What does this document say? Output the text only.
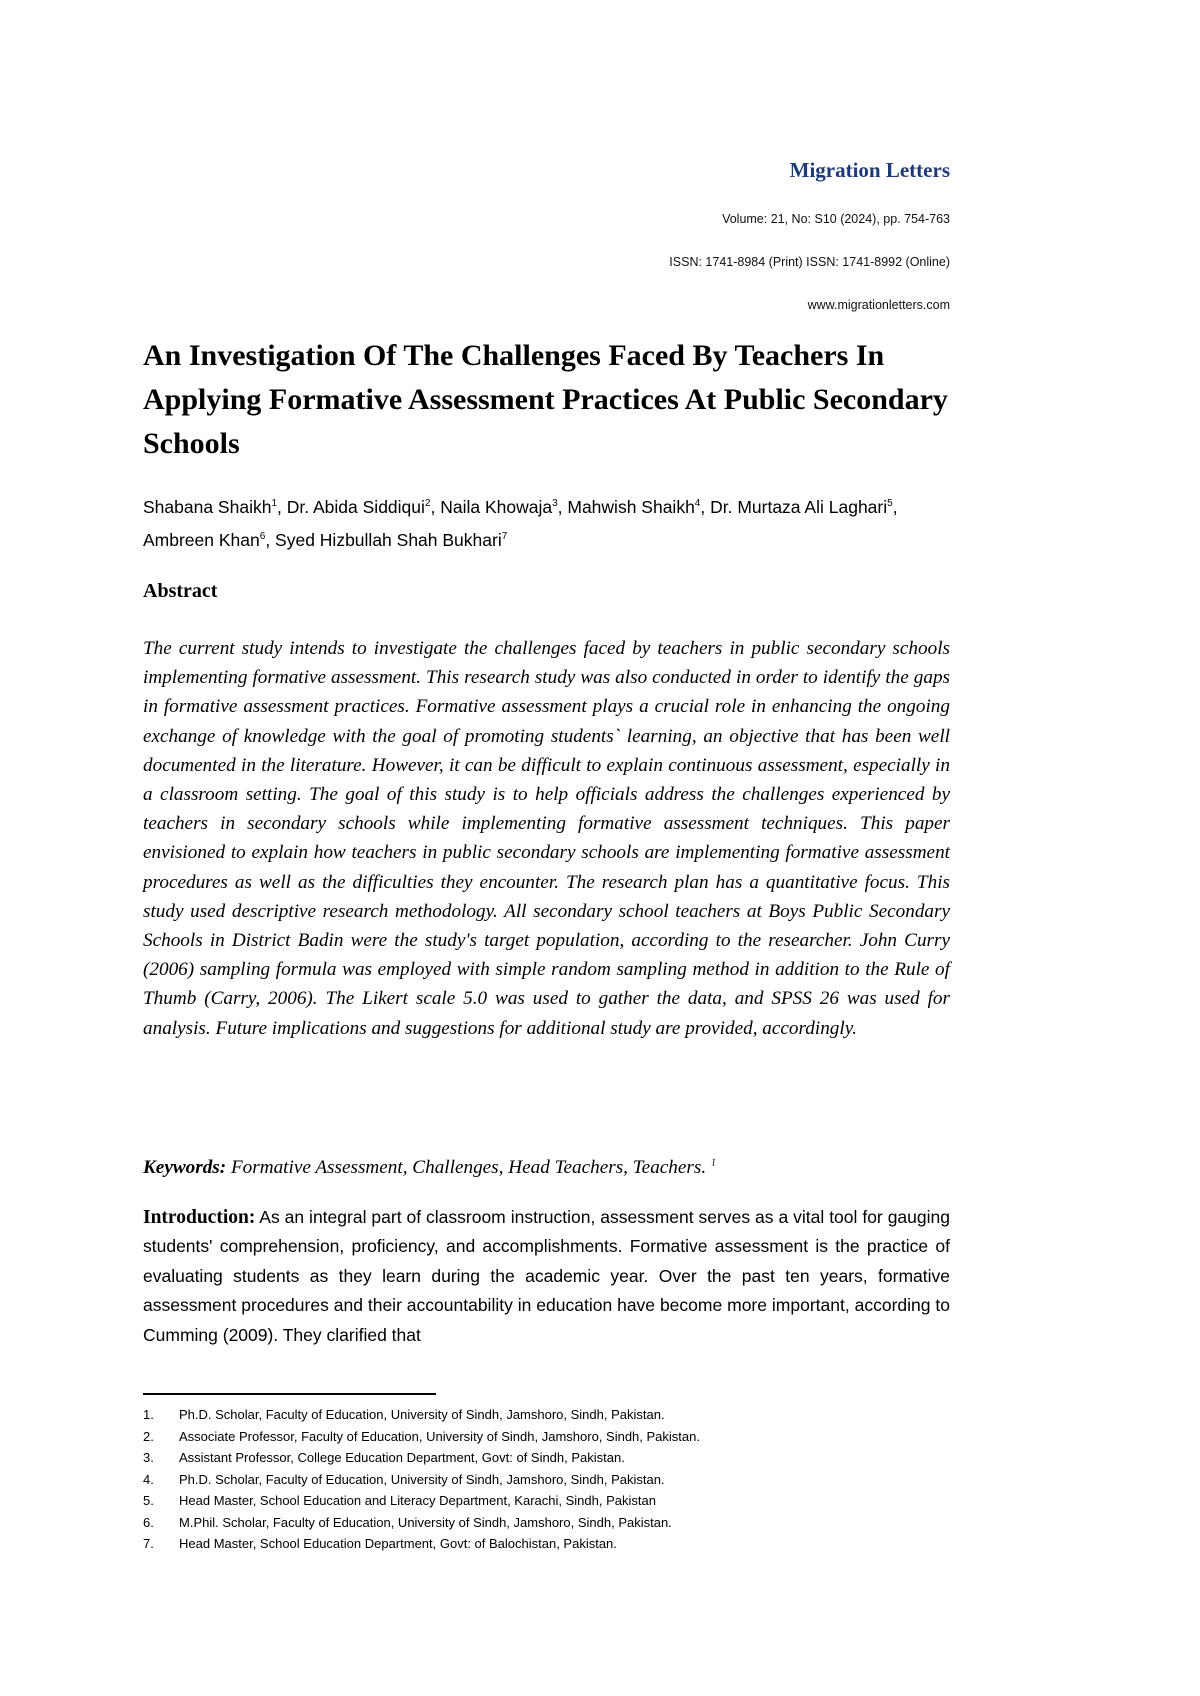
Migration Letters
Volume: 21, No: S10 (2024), pp. 754-763
ISSN: 1741-8984 (Print) ISSN: 1741-8992 (Online)
www.migrationletters.com
An Investigation Of The Challenges Faced By Teachers In Applying Formative Assessment Practices At Public Secondary Schools
Shabana Shaikh$^1$, Dr. Abida Siddiqui$^2$, Naila Khowaja$^3$, Mahwish Shaikh$^4$, Dr. Murtaza Ali Laghari$^5$, Ambreen Khan$^6$, Syed Hizbullah Shah Bukhari$^7$
Abstract

The current study intends to investigate the challenges faced by teachers in public secondary schools implementing formative assessment. This research study was also conducted in order to identify the gaps in formative assessment practices. Formative assessment plays a crucial role in enhancing the ongoing exchange of knowledge with the goal of promoting students` learning, an objective that has been well documented in the literature. However, it can be difficult to explain continuous assessment, especially in a classroom setting. The goal of this study is to help officials address the challenges experienced by teachers in secondary schools while implementing formative assessment techniques. This paper envisioned to explain how teachers in public secondary schools are implementing formative assessment procedures as well as the difficulties they encounter. The research plan has a quantitative focus. This study used descriptive research methodology. All secondary school teachers at Boys Public Secondary Schools in District Badin were the study's target population, according to the researcher. John Curry (2006) sampling formula was employed with simple random sampling method in addition to the Rule of Thumb (Carry, 2006). The Likert scale 5.0 was used to gather the data, and SPSS 26 was used for analysis. Future implications and suggestions for additional study are provided, accordingly.

Keywords: Formative Assessment, Challenges, Head Teachers, Teachers. $^1$

Introduction: As an integral part of classroom instruction, assessment serves as a vital tool for gauging students' comprehension, proficiency, and accomplishments. Formative assessment is the practice of evaluating students as they learn during the academic year. Over the past ten years, formative assessment procedures and their accountability in education have become more important, according to Cumming (2009). They clarified that

1.	Ph.D. Scholar, Faculty of Education, University of Sindh, Jamshoro, Sindh, Pakistan.
2.	Associate Professor, Faculty of Education, University of Sindh, Jamshoro, Sindh, Pakistan.
3.	Assistant Professor, College Education Department, Govt: of Sindh, Pakistan.
4.	Ph.D. Scholar, Faculty of Education, University of Sindh, Jamshoro, Sindh, Pakistan.
5.	Head Master, School Education and Literacy Department, Karachi, Sindh, Pakistan
6.	M.Phil. Scholar, Faculty of Education, University of Sindh, Jamshoro, Sindh, Pakistan.
7.	Head Master, School Education Department, Govt: of Balochistan, Pakistan.
